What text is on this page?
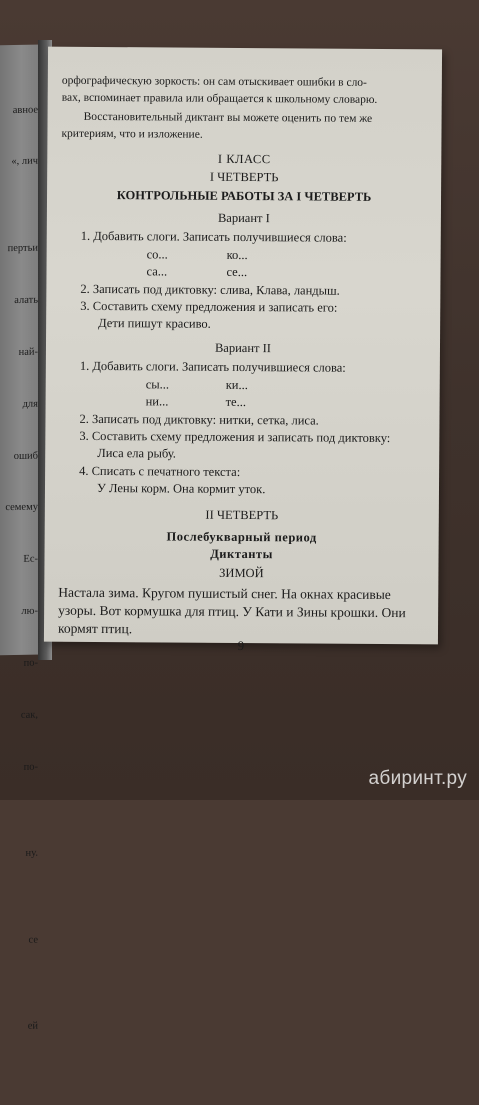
авное

«, лич

пертьи

алать

най-

для

ошиб

семему

Ес-

лю-

по-

сак,

по-

ну.

се

ей

орфографическую зоркость: он сам отыскивает ошибки в сло-
вах, вспоминает правила или обращается к школьному словарю.
Восстановительный диктант вы можете оценить по тем же
критериям, что и изложение.
I КЛАСС
I ЧЕТВЕРТЬ
КОНТРОЛЬНЫЕ РАБОТЫ ЗА I ЧЕТВЕРТЬ
Вариант I
1. Добавить слоги. Записать получившиеся слова:
со...	ко...
са...	се...
2. Записать под диктовку: слива, Клава, ландыш.
3. Составить схему предложения и записать его:
Дети пишут красиво.
Вариант II
1. Добавить слоги. Записать получившиеся слова:
сы...	ки...
ни...	те...
2. Записать под диктовку: нитки, сетка, лиса.
3. Составить схему предложения и записать под диктовку:
Лиса ела рыбу.
4. Списать с печатного текста:
У Лены корм. Она кормит уток.
II ЧЕТВЕРТЬ
Послебукварный период
Диктанты
ЗИМОЙ
Настала зима. Кругом пушистый снег. На окнах красивые
узоры. Вот кормушка для птиц. У Кати и Зины крошки. Они
кормят птиц.
9
абиринт.ру
